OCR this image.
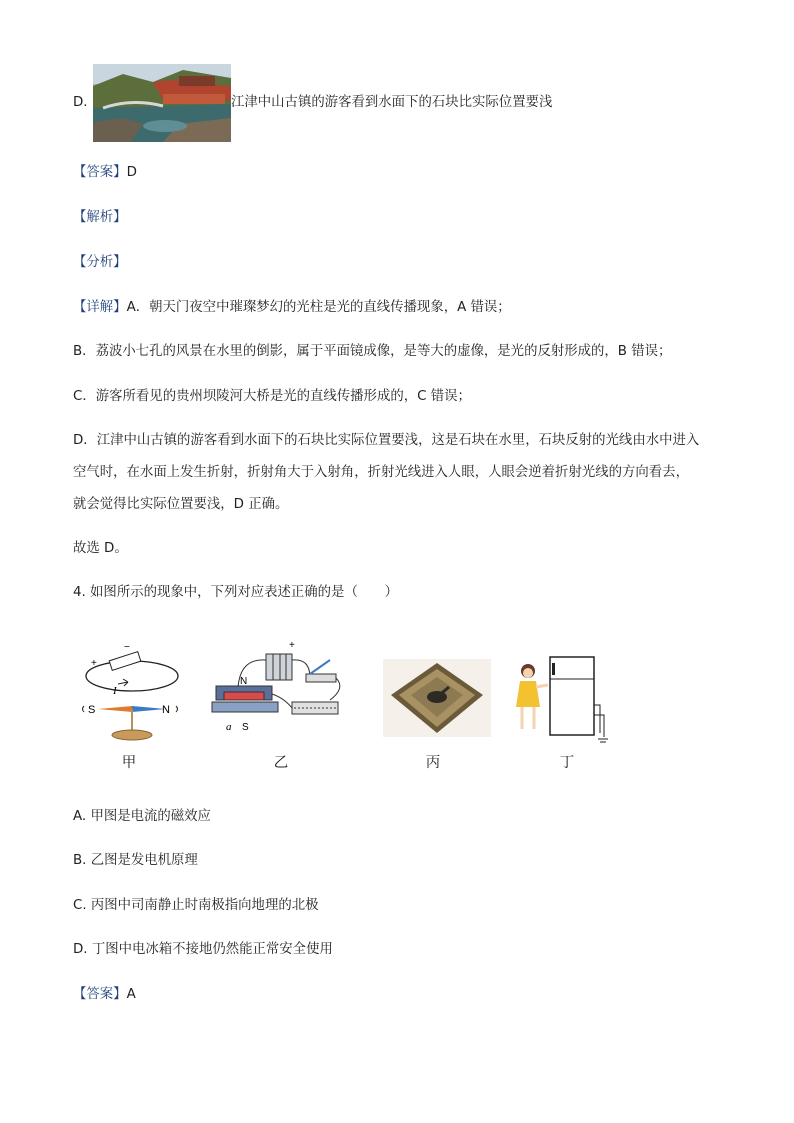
D.	江津中山古镇的游客看到水面下的石块比实际位置要浅
【答案】D
【解析】
【分析】
【详解】A．朝天门夜空中璀璨梦幻的光柱是光的直线传播现象，A 错误；
B．荔波小七孔的风景在水里的倒影，属于平面镜成像，是等大的虚像，是光的反射形成的，B 错误；
C．游客所看见的贵州坝陵河大桥是光的直线传播形成的，C 错误；
D．江津中山古镇的游客看到水面下的石块比实际位置要浅，这是石块在水里，石块反射的光线由水中进入
空气时，在水面上发生折射，折射角大于入射角，折射光线进入人眼，人眼会逆着折射光线的方向看去，
就会觉得比实际位置要浅，D 正确。
故选 D。
4. 如图所示的现象中，下列对应表述正确的是（　　）
I
+
−
S	N
+
N
S
a
甲	乙	丙	丁
A. 甲图是电流的磁效应
B. 乙图是发电机原理
C. 丙图中司南静止时南极指向地理的北极
D. 丁图中电冰箱不接地仍然能正常安全使用
【答案】A
